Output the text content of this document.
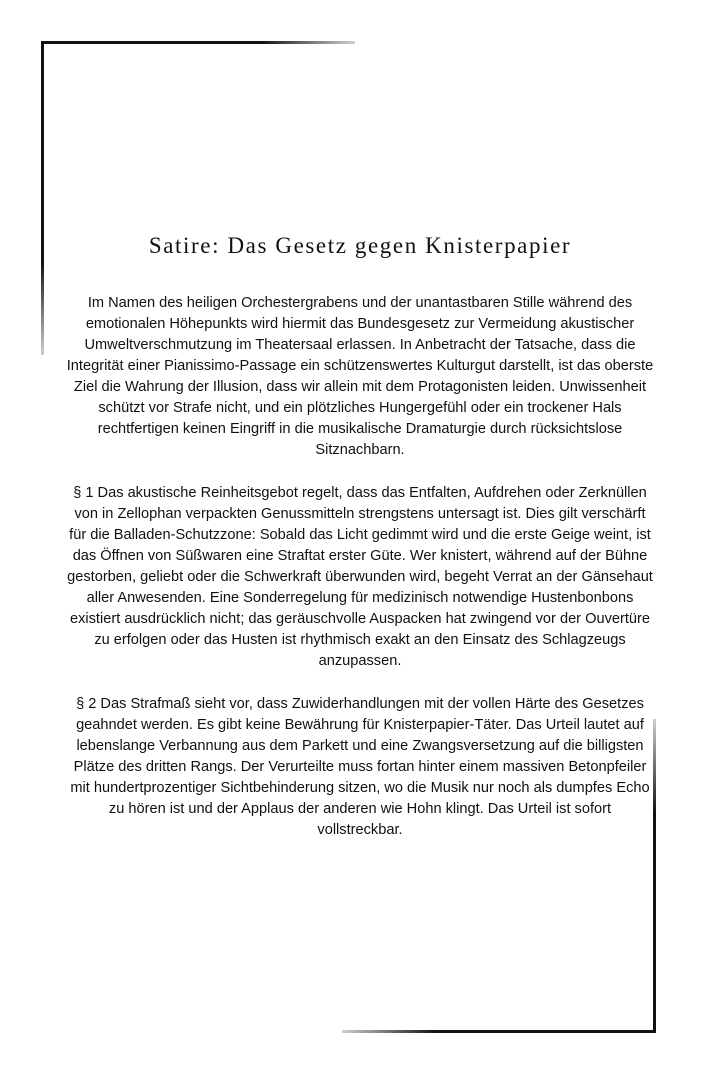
Satire: Das Gesetz gegen Knisterpapier

Im Namen des heiligen Orchestergrabens und der unantastbaren Stille während des emotionalen Höhepunkts wird hiermit das Bundesgesetz zur Vermeidung akustischer Umweltverschmutzung im Theatersaal erlassen. In Anbetracht der Tatsache, dass die Integrität einer Pianissimo-Passage ein schützenswertes Kulturgut darstellt, ist das oberste Ziel die Wahrung der Illusion, dass wir allein mit dem Protagonisten leiden. Unwissenheit schützt vor Strafe nicht, und ein plötzliches Hungergefühl oder ein trockener Hals rechtfertigen keinen Eingriff in die musikalische Dramaturgie durch rücksichtslose Sitznachbarn.

§ 1 Das akustische Reinheitsgebot regelt, dass das Entfalten, Aufdrehen oder Zerknüllen von in Zellophan verpackten Genussmitteln strengstens untersagt ist. Dies gilt verschärft für die Balladen-Schutzzone: Sobald das Licht gedimmt wird und die erste Geige weint, ist das Öffnen von Süßwaren eine Straftat erster Güte. Wer knistert, während auf der Bühne gestorben, geliebt oder die Schwerkraft überwunden wird, begeht Verrat an der Gänsehaut aller Anwesenden. Eine Sonderregelung für medizinisch notwendige Hustenbonbons existiert ausdrücklich nicht; das geräuschvolle Auspacken hat zwingend vor der Ouvertüre zu erfolgen oder das Husten ist rhythmisch exakt an den Einsatz des Schlagzeugs anzupassen.

§ 2 Das Strafmaß sieht vor, dass Zuwiderhandlungen mit der vollen Härte des Gesetzes geahndet werden. Es gibt keine Bewährung für Knisterpapier-Täter. Das Urteil lautet auf lebenslange Verbannung aus dem Parkett und eine Zwangsversetzung auf die billigsten Plätze des dritten Rangs. Der Verurteilte muss fortan hinter einem massiven Betonpfeiler mit hundertprozentiger Sichtbehinderung sitzen, wo die Musik nur noch als dumpfes Echo zu hören ist und der Applaus der anderen wie Hohn klingt. Das Urteil ist sofort vollstreckbar.
